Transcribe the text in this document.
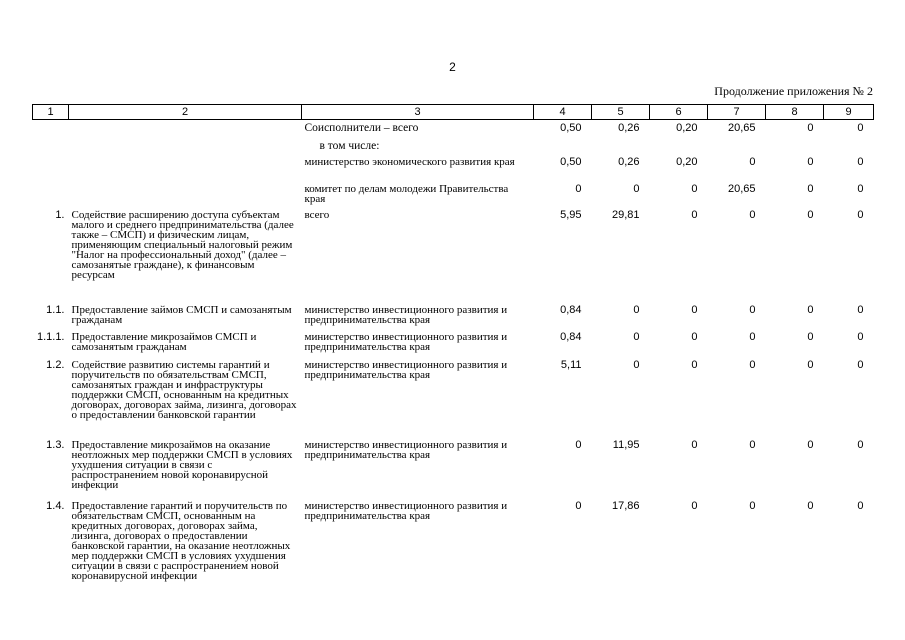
2
Продолжение приложения № 2
1	2	3	4	5	6	7	8	9
		Соисполнители – всего	0,50	0,26	0,20	20,65	0	0
		в том числе:						
		министерство экономического развития края	0,50	0,26	0,20	0	0	0
		комитет по делам молодежи Правительства края	0	0	0	20,65	0	0
1.	Содействие расширению доступа субъектам малого и среднего предпринимательства (далее также – СМСП) и физическим лицам, применяющим специальный налоговый режим "Налог на профессиональный доход" (далее – самозанятые граждане), к финансовым ресурсам	всего	5,95	29,81	0	0	0	0
1.1.	Предоставление займов СМСП и самозанятым гражданам	министерство инвестиционного развития и предпринимательства края	0,84	0	0	0	0	0
1.1.1.	Предоставление микрозаймов СМСП и самозанятым гражданам	министерство инвестиционного развития и предпринимательства края	0,84	0	0	0	0	0
1.2.	Содействие развитию системы гарантий и поручительств по обязательствам СМСП, самозанятых граждан и инфраструктуры поддержки СМСП, основанным на кредитных договорах, договорах займа, лизинга, договорах о предоставлении банковской гарантии	министерство инвестиционного развития и предпринимательства края	5,11	0	0	0	0	0
1.3.	Предоставление микрозаймов на оказание неотложных мер поддержки СМСП в условиях ухудшения ситуации в связи с распространением новой коронавирусной инфекции	министерство инвестиционного развития и предпринимательства края	0	11,95	0	0	0	0
1.4.	Предоставление гарантий и поручительств по обязательствам СМСП, основанным на кредитных договорах, договорах займа, лизинга, договорах о предоставлении банковской гарантии, на оказание неотложных мер поддержки СМСП в условиях ухудшения ситуации в связи с распространением новой коронавирусной инфекции	министерство инвестиционного развития и предпринимательства края	0	17,86	0	0	0	0
